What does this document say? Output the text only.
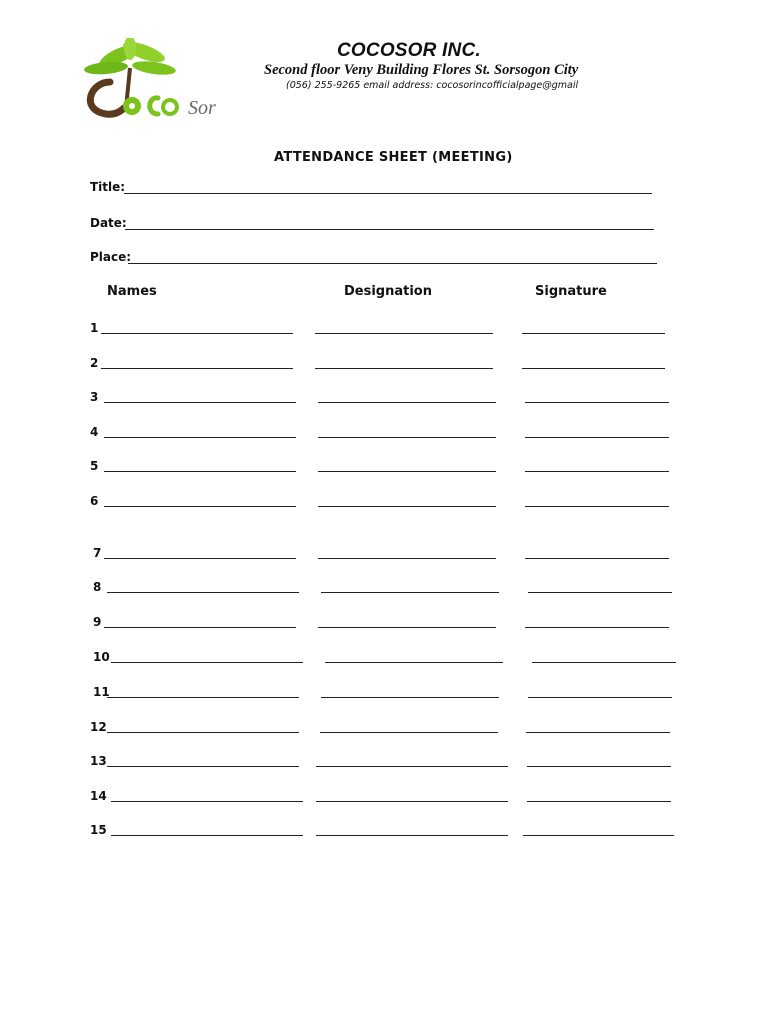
Sor
COCOSOR INC.
Second floor Veny Building Flores St. Sorsogon City
(056) 255-9265 email address: cocosorincofficialpage@gmail
ATTENDANCE SHEET (MEETING)
Title:
Date:
Place:
Names	Designation	Signature
1
2
3
4
5
6
7
8
9
10
11
12
13
14
15
